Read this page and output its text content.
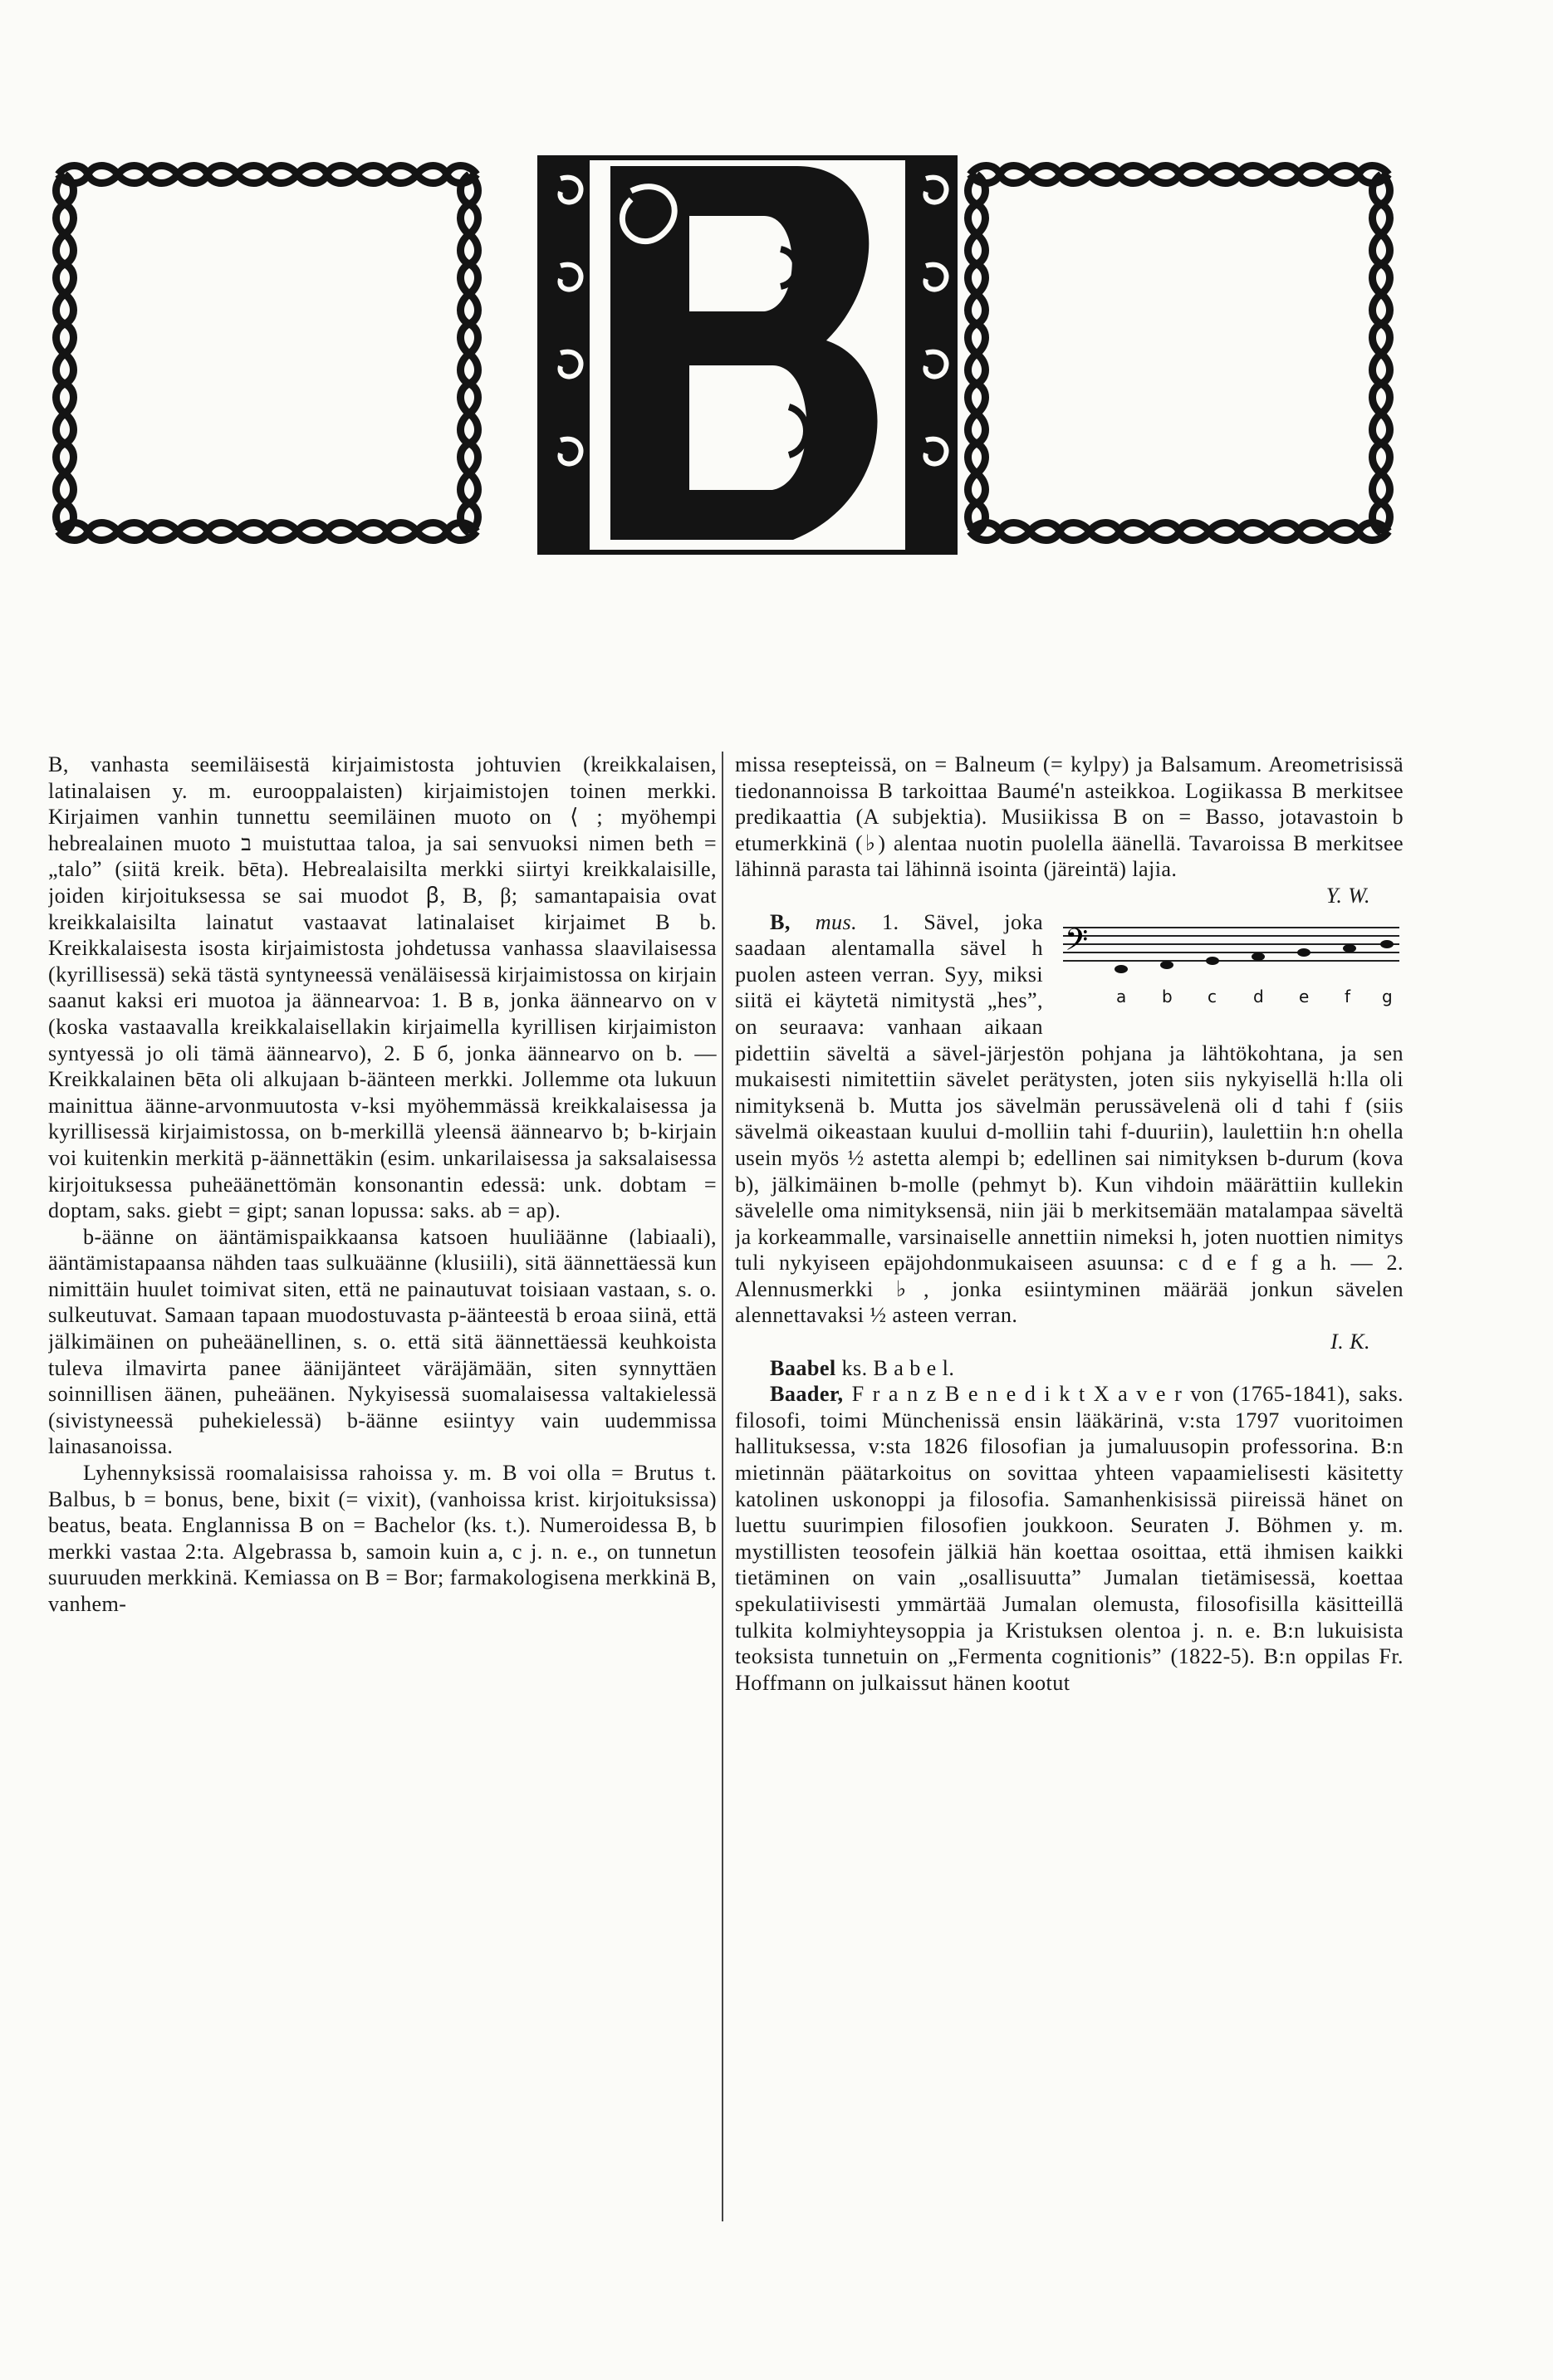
B, vanhasta seemiläisestä kirjaimistosta johtuvien (kreikkalaisen, latinalaisen y. m. eurooppalaisten) kirjaimistojen toinen merkki. Kirjaimen vanhin tunnettu seemiläinen muoto on ⟨ ; myöhempi hebrealainen muoto ב muistuttaa taloa, ja sai senvuoksi nimen beth = „talo” (siitä kreik. bēta). Hebrealaisilta merkki siirtyi kreikkalaisille, joiden kirjoituksessa se sai muodot ꞵ, B, β; samantapaisia ovat kreikkalaisilta lainatut vastaavat latinalaiset kirjaimet B b. Kreikkalaisesta isosta kirjaimistosta johdetussa vanhassa slaavilaisessa (kyrillisessä) sekä tästä syntyneessä venäläisessä kirjaimistossa on kirjain saanut kaksi eri muotoa ja äännearvoa: 1. В в, jonka äännearvo on v (koska vastaavalla kreikkalaisellakin kirjaimella kyrillisen kirjaimiston syntyessä jo oli tämä äännearvo), 2. Б б, jonka äännearvo on b. — Kreikkalainen bēta oli alkujaan b-äänteen merkki. Jollemme ota lukuun mainittua äänne-arvonmuutosta v-ksi myöhemmässä kreikkalaisessa ja kyrillisessä kirjaimistossa, on b-merkillä yleensä äännearvo b; b-kirjain voi kuitenkin merkitä p-äännettäkin (esim. unkarilaisessa ja saksalaisessa kirjoituksessa puheäänettömän konsonantin edessä: unk. dobtam = doptam, saks. giebt = gipt; sanan lopussa: saks. ab = ap).

b-äänne on ääntämispaikkaansa katsoen huuliäänne (labiaali), ääntämistapaansa nähden taas sulkuäänne (klusiili), sitä äännettäessä kun nimittäin huulet toimivat siten, että ne painautuvat toisiaan vastaan, s. o. sulkeutuvat. Samaan tapaan muodostuvasta p-äänteestä b eroaa siinä, että jälkimäinen on puheäänellinen, s. o. että sitä äännettäessä keuhkoista tuleva ilmavirta panee äänijänteet väräjämään, siten synnyttäen soinnillisen äänen, puheäänen. Nykyisessä suomalaisessa valtakielessä (sivistyneessä puhekielessä) b-äänne esiintyy vain uudemmissa lainasanoissa.

Lyhennyksissä roomalaisissa rahoissa y. m. B voi olla = Brutus t. Balbus, b = bonus, bene, bixit (= vixit), (vanhoissa krist. kirjoituksissa) beatus, beata. Englannissa B on = Bachelor (ks. t.). Numeroidessa B, b merkki vastaa 2:ta. Algebrassa b, samoin kuin a, c j. n. e., on tunnetun suuruuden merkkinä. Kemiassa on B = Bor; farmakologisena merkkinä B, vanhem-

missa resepteissä, on = Balneum (= kylpy) ja Balsamum. Areometrisissä tiedonannoissa B tarkoittaa Baumé'n asteikkoa. Logiikassa B merkitsee predikaattia (A subjektia). Musiikissa B on = Basso, jotavastoin b etumerkkinä (♭) alentaa nuotin puolella äänellä. Tavaroissa B merkitsee lähinnä parasta tai lähinnä isointa (järeintä) lajia.

Y. W.

𝄢
a b c d e f g
B, mus. 1. Sävel, joka saadaan alentamalla sävel h puolen asteen verran. Syy, miksi siitä ei käytetä nimitystä „hes”, on seuraava: vanhaan aikaan pidettiin säveltä a sävel-järjestön pohjana ja lähtökohtana, ja sen mukaisesti nimitettiin sävelet perätysten, joten siis nykyisellä h:lla oli nimityksenä b. Mutta jos sävelmän perussävelenä oli d tahi f (siis sävelmä oikeastaan kuului d-molliin tahi f-duuriin), laulettiin h:n ohella usein myös ½ astetta alempi b; edellinen sai nimityksen b-durum (kova b), jälkimäinen b-molle (pehmyt b). Kun vihdoin määrättiin kullekin sävelelle oma nimityksensä, niin jäi b merkitsemään matalampaa säveltä ja korkeammalle, varsinaiselle annettiin nimeksi h, joten nuottien nimitys tuli nykyiseen epäjohdonmukaiseen asuunsa: c d e f g a h. — 2. Alennusmerkki ♭, jonka esiintyminen määrää jonkun sävelen alennettavaksi ½ asteen verran.

I. K.

Baabel ks. B a b e l.

Baader, F r a n z B e n e d i k t X a v e r von (1765-1841), saks. filosofi, toimi Münchenissä ensin lääkärinä, v:sta 1797 vuoritoimen hallituksessa, v:sta 1826 filosofian ja jumaluusopin professorina. B:n mietinnän päätarkoitus on sovittaa yhteen vapaamielisesti käsitetty katolinen uskonoppi ja filosofia. Samanhenkisissä piireissä hänet on luettu suurimpien filosofien joukkoon. Seuraten J. Böhmen y. m. mystillisten teosofein jälkiä hän koettaa osoittaa, että ihmisen kaikki tietäminen on vain „osallisuutta” Jumalan tietämisessä, koettaa spekulatiivisesti ymmärtää Jumalan olemusta, filosofisilla käsitteillä tulkita kolmiyhteysoppia ja Kristuksen olentoa j. n. e. B:n lukuisista teoksista tunnetuin on „Fermenta cognitionis” (1822-5). B:n oppilas Fr. Hoffmann on julkaissut hänen kootut
